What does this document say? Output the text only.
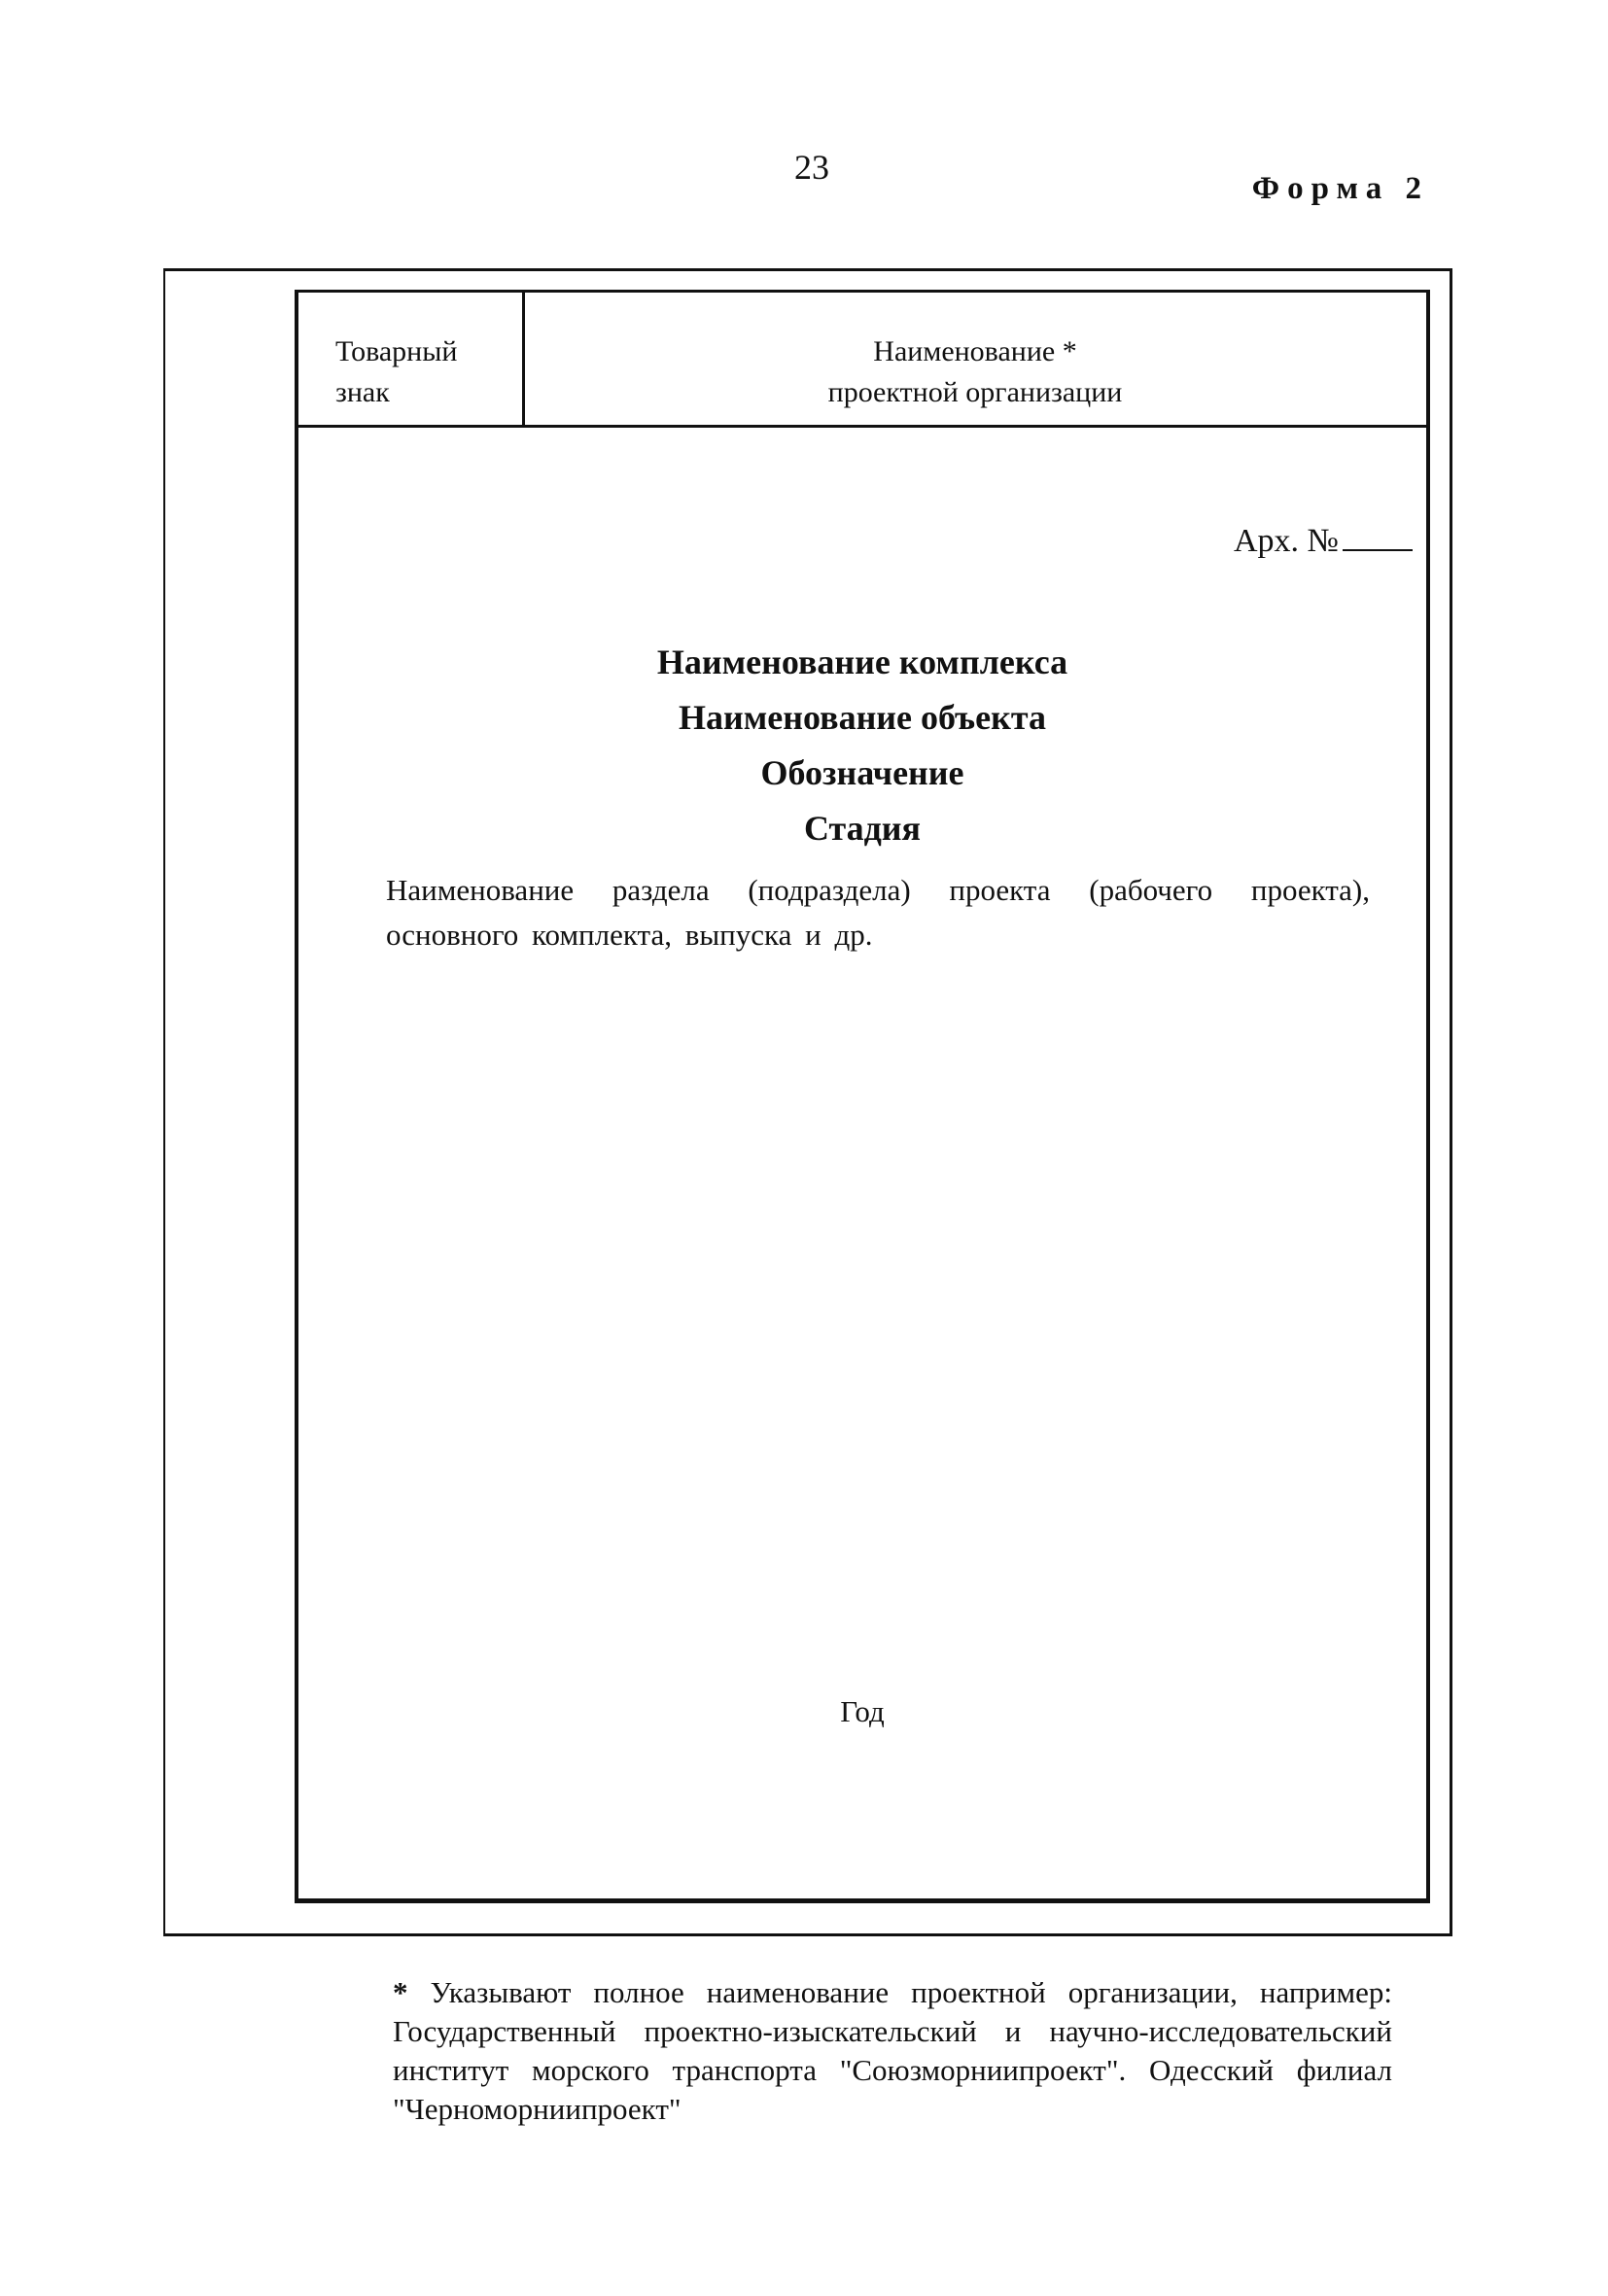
23
Форма 2
Товарный
знак
Наименование *
проектной организации
Арх. №
Наименование комплекса
Наименование объекта
Обозначение
Стадия
Наименование раздела (подраздела) проекта (рабочего проекта), основного комплекта, выпуска и др.
Год
* Указывают полное наименование проектной организации, например: Государственный проектно-изыскательский и научно-исследовательский институт морского транспорта "Союзморниипроект". Одесский филиал "Черноморниипроект"
